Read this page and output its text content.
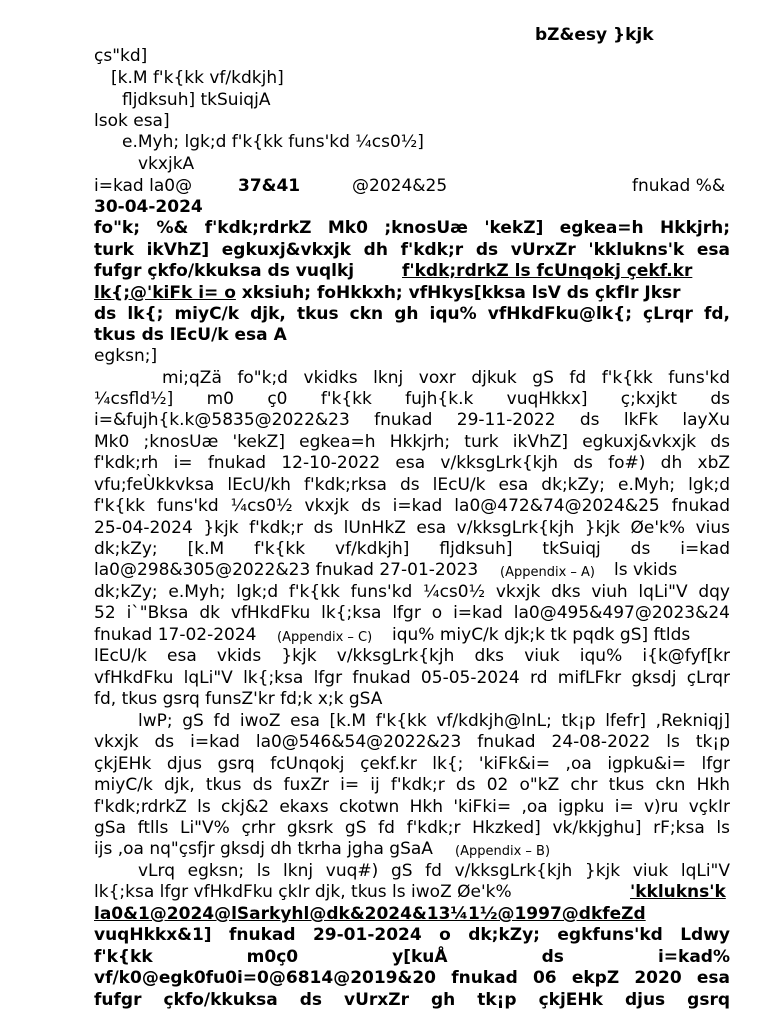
bZ&esy }kjk
çs"kd]
[k.M f'k{kk vf/kdkjh]
fljdksuh] tkSuiqjA
lsok esa]
e.Myh; lgk;d f'k{kk funs'kd ¼cs0½]
vkxjkA
i=kad la0@	37&41	@2024&25	fnukad %&
30-04-2024
fo"k; %& f'kdk;rdrkZ Mk0 ;knosUæ 'kekZ] egkea=h Hkkjrh;
turk ikVhZ] egkuxj&vkxjk dh f'kdk;r ds vUrxZr 'kklukns'k esa
fufgr çkfo/kkuksa ds vuqlkj	f'kdk;rdrkZ ls fcUnqokj çekf.kr
lk{;@'kiFk i= o xksiuh; foHkkxh; vfHkys[kksa lsV ds çkfIr Jksr
ds lk{; miyC/k djk, tkus ckn gh iqu% vfHkdFku@lk{; çLrqr fd,
tkus ds lEcU/k esa A
egksn;]
mi;qZä fo"k;d vkidks lknj voxr djkuk gS fd f'k{kk funs'kd
¼csfld½] m0 ç0 f'k{kk fujh{k.k vuqHkkx] ç;kxjkt ds
i=&fujh{k.k@5835@2022&23 fnukad 29-11-2022 ds lkFk layXu
Mk0 ;knosUæ 'kekZ] egkea=h Hkkjrh; turk ikVhZ] egkuxj&vkxjk ds
f'kdk;rh i= fnukad 12-10-2022 esa v/kksgLrk{kjh ds fo#) dh xbZ
vfu;feÙkkvksa lEcU/kh f'kdk;rksa ds lEcU/k esa dk;kZy; e.Myh; lgk;d
f'k{kk funs'kd ¼cs0½ vkxjk ds i=kad la0@472&74@2024&25 fnukad
25-04-2024 }kjk f'kdk;r ds lUnHkZ esa v/kksgLrk{kjh }kjk Øe'k% vius
dk;kZy; [k.M f'k{kk vf/kdkjh] fljdksuh] tkSuiqj ds i=kad
la0@298&305@2022&23 fnukad 27-01-2023 (Appendix – A) ls vkids
dk;kZy; e.Myh; lgk;d f'k{kk funs'kd ¼cs0½ vkxjk dks viuh lqLi"V dqy
52 i`"Bksa dk vfHkdFku lk{;ksa lfgr o i=kad la0@495&497@2023&24
fnukad 17-02-2024 (Appendix – C) iqu% miyC/k djk;k tk pqdk gS] ftlds
lEcU/k esa vkids }kjk v/kksgLrk{kjh dks viuk iqu% i{k@fyf[kr
vfHkdFku lqLi"V lk{;ksa lfgr fnukad 05-05-2024 rd mifLFkr gksdj çLrqr
fd, tkus gsrq funsZ'kr fd;k x;k gSA
lwP; gS fd iwoZ esa [k.M f'k{kk vf/kdkjh@lnL; tk¡p lfefr] ,Rekniqj]
vkxjk ds i=kad la0@546&54@2022&23 fnukad 24-08-2022 ls tk¡p
çkjEHk djus gsrq fcUnqokj çekf.kr lk{; 'kiFk&i= ,oa igpku&i= lfgr
miyC/k djk, tkus ds fuxZr i= ij f'kdk;r ds 02 o"kZ chr tkus ckn Hkh
f'kdk;rdrkZ ls ckj&2 ekaxs ckotwn Hkh 'kiFki= ,oa igpku i= v)ru vçkIr
gSa ftlls Li"V% çrhr gksrk gS fd f'kdk;r Hkzked] vk/kkjghu] rF;ksa ls
ijs ,oa nq"çsfjr gksdj dh tkrha jgha gSaA (Appendix – B)
vLrq egksn; ls lknj vuq#) gS fd v/kksgLrk{kjh }kjk viuk lqLi"V
lk{;ksa lfgr vfHkdFku çkIr djk, tkus ls iwoZ Øe'k%	'kklukns'k
la0&1@2024@lSarkyhl@dk&2024&13¼1½@1997@dkfeZd
vuqHkkx&1] fnukad 29-01-2024 o dk;kZy; egkfuns'kd Ldwy
f'k{kk m0ç0 y[kuÅ ds i=kad%
vf/k0@egk0fu0i=0@6814@2019&20 fnukad 06 ekpZ 2020 esa
fufgr çkfo/kkuksa ds vUrxZr gh tk¡p çkjEHk djus gsrq
